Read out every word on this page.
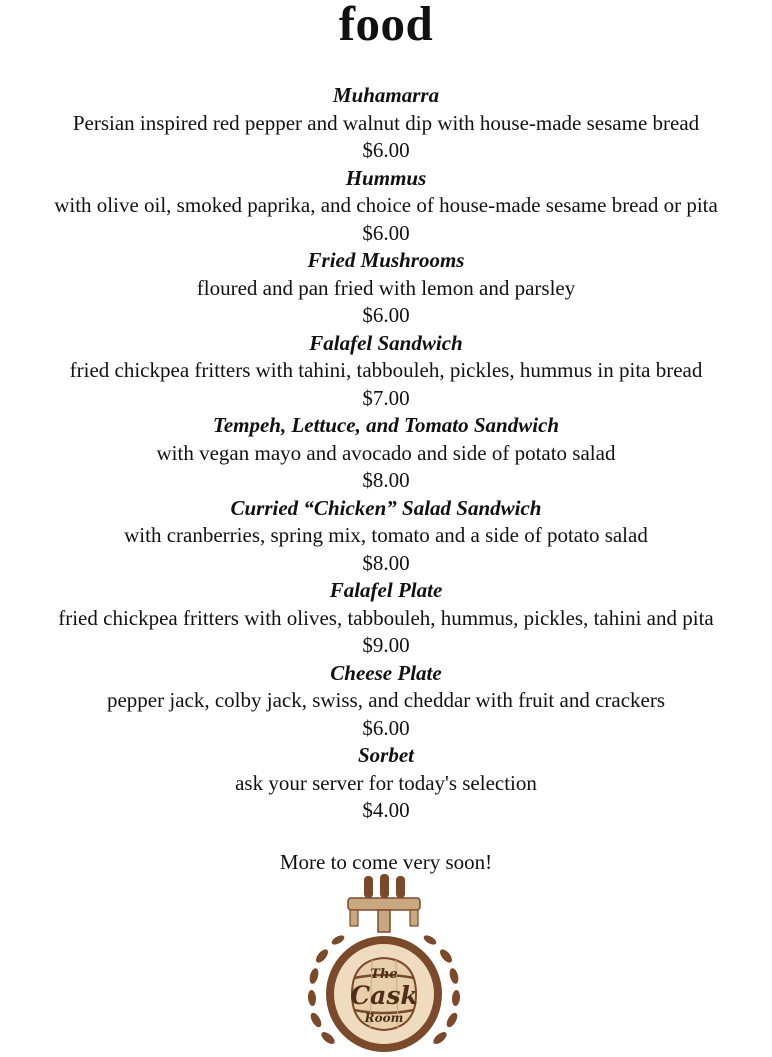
food
Muhamarra
Persian inspired red pepper and walnut dip with house-made sesame bread
$6.00
Hummus
with olive oil, smoked paprika, and choice of house-made sesame bread or pita
$6.00
Fried Mushrooms
floured and pan fried with lemon and parsley
$6.00
Falafel Sandwich
fried chickpea fritters with tahini, tabbouleh, pickles, hummus in pita bread
$7.00
Tempeh, Lettuce, and Tomato Sandwich
with vegan mayo and avocado and side of potato salad
$8.00
Curried “Chicken” Salad Sandwich
with cranberries, spring mix, tomato and a side of potato salad
$8.00
Falafel Plate
fried chickpea fritters with olives, tabbouleh, hummus, pickles, tahini and pita
$9.00
Cheese Plate
pepper jack, colby jack, swiss, and cheddar with fruit and crackers
$6.00
Sorbet
ask your server for today's selection
$4.00
More to come very soon!
The
Cask
Room
